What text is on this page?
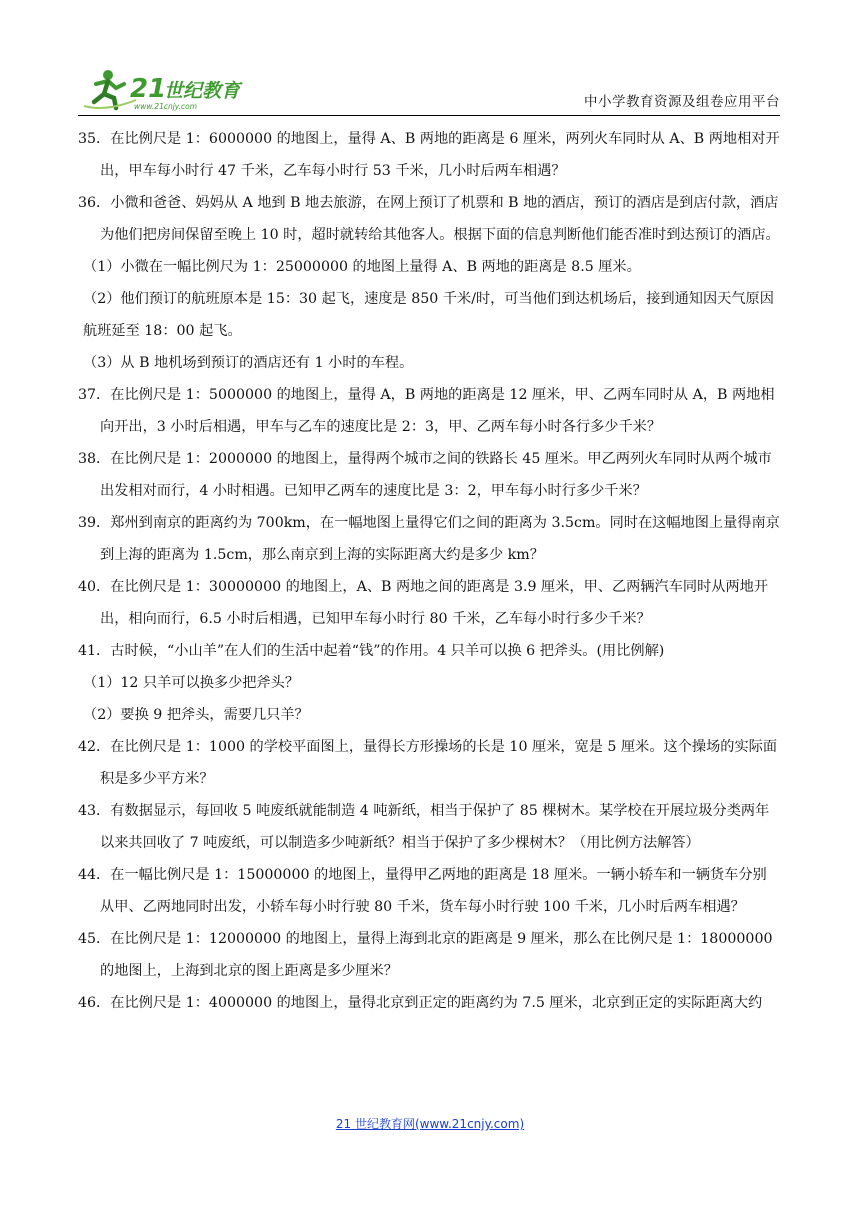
21
世纪教育
www.21cnjy.com	中小学教育资源及组卷应用平台

35．在比例尺是 1：6000000 的地图上，量得 A、B 两地的距离是 6 厘米，两列火车同时从 A、B 两地相对开出，甲车每小时行 47 千米，乙车每小时行 53 千米，几小时后两车相遇？

36．小微和爸爸、妈妈从 A 地到 B 地去旅游，在网上预订了机票和 B 地的酒店，预订的酒店是到店付款，酒店为他们把房间保留至晚上 10 时，超时就转给其他客人。根据下面的信息判断他们能否准时到达预订的酒店。

（1）小微在一幅比例尺为 1：25000000 的地图上量得 A、B 两地的距离是 8.5 厘米。

（2）他们预订的航班原本是 15：30 起飞，速度是 850 千米/时，可当他们到达机场后，接到通知因天气原因航班延至 18：00 起飞。

（3）从 B 地机场到预订的酒店还有 1 小时的车程。

37．在比例尺是 1：5000000 的地图上，量得 A，B 两地的距离是 12 厘米，甲、乙两车同时从 A，B 两地相向开出，3 小时后相遇，甲车与乙车的速度比是 2：3，甲、乙两车每小时各行多少千米？

38．在比例尺是 1：2000000 的地图上，量得两个城市之间的铁路长 45 厘米。甲乙两列火车同时从两个城市出发相对而行，4 小时相遇。已知甲乙两车的速度比是 3：2，甲车每小时行多少千米？

39．郑州到南京的距离约为 700km，在一幅地图上量得它们之间的距离为 3.5cm。同时在这幅地图上量得南京到上海的距离为 1.5cm，那么南京到上海的实际距离大约是多少 km？

40．在比例尺是 1：30000000 的地图上，A、B 两地之间的距离是 3.9 厘米，甲、乙两辆汽车同时从两地开出，相向而行，6.5 小时后相遇，已知甲车每小时行 80 千米，乙车每小时行多少千米？

41．古时候，“小山羊”在人们的生活中起着“钱”的作用。4 只羊可以换 6 把斧头。(用比例解)

（1）12 只羊可以换多少把斧头？

（2）要换 9 把斧头，需要几只羊？

42．在比例尺是 1：1000 的学校平面图上，量得长方形操场的长是 10 厘米，宽是 5 厘米。这个操场的实际面积是多少平方米？

43．有数据显示，每回收 5 吨废纸就能制造 4 吨新纸，相当于保护了 85 棵树木。某学校在开展垃圾分类两年以来共回收了 7 吨废纸，可以制造多少吨新纸？相当于保护了多少棵树木？（用比例方法解答）

44．在一幅比例尺是 1：15000000 的地图上，量得甲乙两地的距离是 18 厘米。一辆小轿车和一辆货车分别从甲、乙两地同时出发，小轿车每小时行驶 80 千米，货车每小时行驶 100 千米，几小时后两车相遇？

45．在比例尺是 1：12000000 的地图上，量得上海到北京的距离是 9 厘米，那么在比例尺是 1：18000000 的地图上，上海到北京的图上距离是多少厘米？

46．在比例尺是 1：4000000 的地图上，量得北京到正定的距离约为 7.5 厘米，北京到正定的实际距离大约

21 世纪教育网(www.21cnjy.com)
